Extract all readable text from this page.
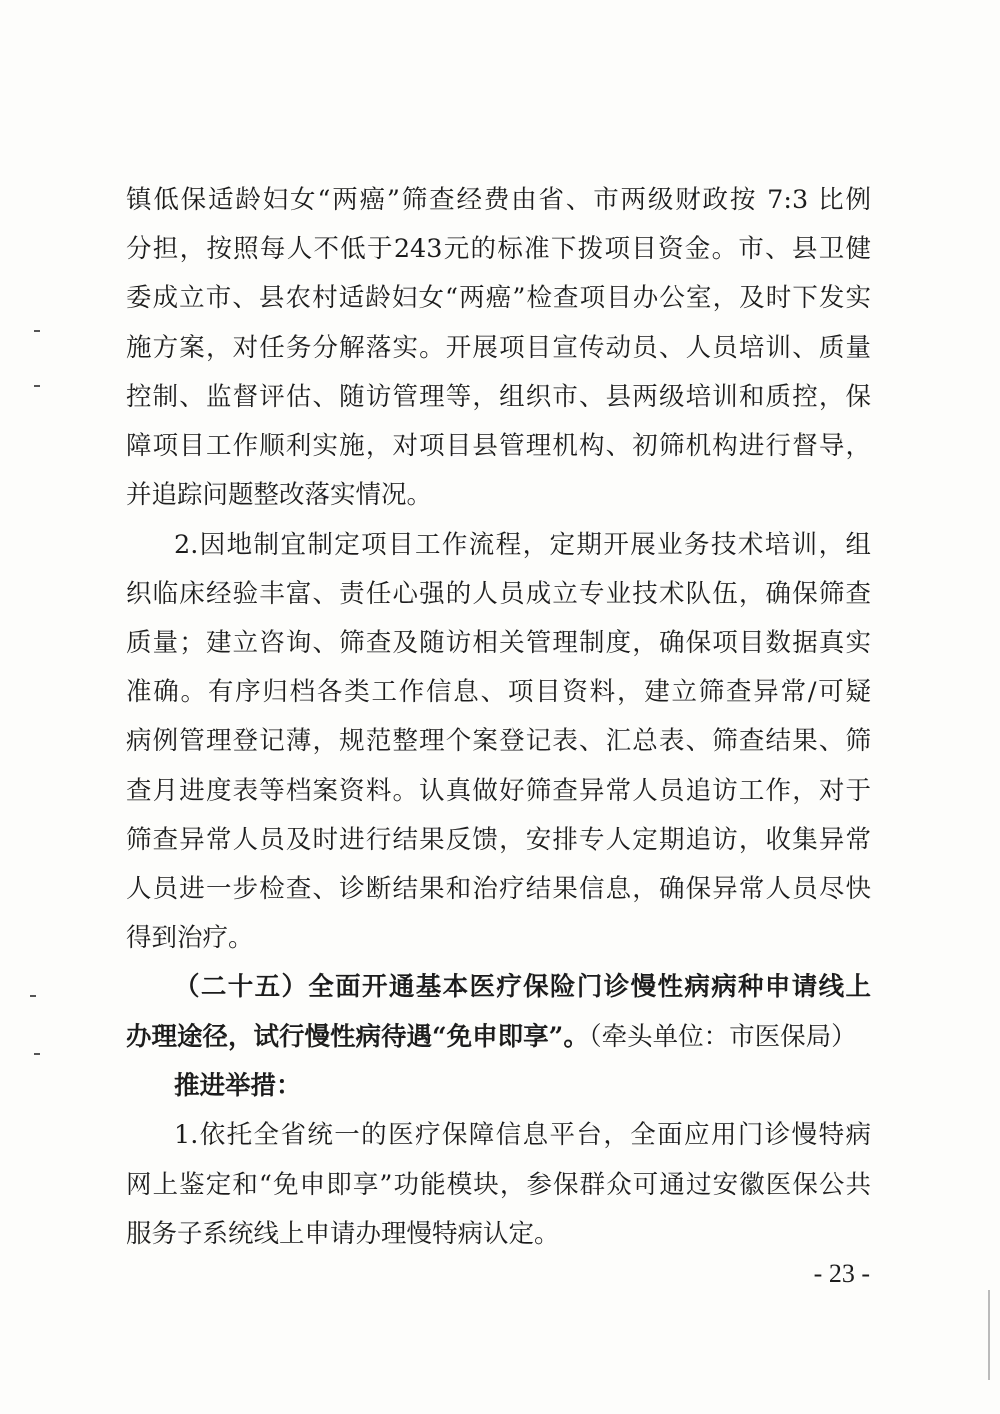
镇低保适龄妇女“两癌”筛查经费由省、市两级财政按 7:3 比例
分担，按照每人不低于243元的标准下拨项目资金。市、县卫健
委成立市、县农村适龄妇女“两癌”检查项目办公室，及时下发实
施方案，对任务分解落实。开展项目宣传动员、人员培训、质量
控制、监督评估、随访管理等，组织市、县两级培训和质控，保
障项目工作顺利实施，对项目县管理机构、初筛机构进行督导，
并追踪问题整改落实情况。
2.因地制宜制定项目工作流程，定期开展业务技术培训，组
织临床经验丰富、责任心强的人员成立专业技术队伍，确保筛查
质量；建立咨询、筛查及随访相关管理制度，确保项目数据真实
准确。有序归档各类工作信息、项目资料，建立筛查异常/可疑
病例管理登记薄，规范整理个案登记表、汇总表、筛查结果、筛
查月进度表等档案资料。认真做好筛查异常人员追访工作，对于
筛查异常人员及时进行结果反馈，安排专人定期追访，收集异常
人员进一步检查、诊断结果和治疗结果信息，确保异常人员尽快
得到治疗。
（二十五）全面开通基本医疗保险门诊慢性病病种申请线上
办理途径，试行慢性病待遇“免申即享”。（牵头单位：市医保局）
推进举措：
1.依托全省统一的医疗保障信息平台，全面应用门诊慢特病
网上鉴定和“免申即享”功能模块，参保群众可通过安徽医保公共
服务子系统线上申请办理慢特病认定。
- 23 -
